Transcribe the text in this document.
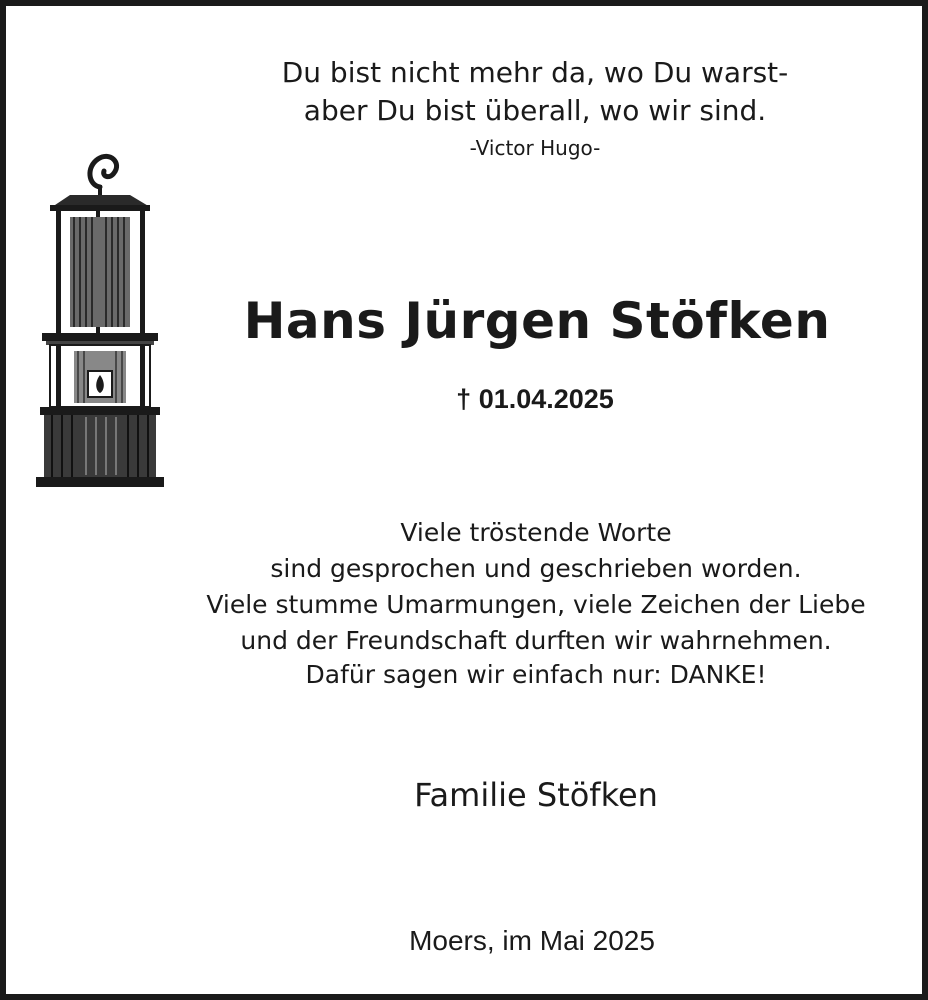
Du bist nicht mehr da, wo Du warst-
aber Du bist überall, wo wir sind.
-Victor Hugo-
Hans Jürgen Stöfken
† 01.04.2025
Viele tröstende Worte
sind gesprochen und geschrieben worden.
Viele stumme Umarmungen, viele Zeichen der Liebe
und der Freundschaft durften wir wahrnehmen.
Dafür sagen wir einfach nur: DANKE!
Familie Stöfken
Moers, im Mai 2025
